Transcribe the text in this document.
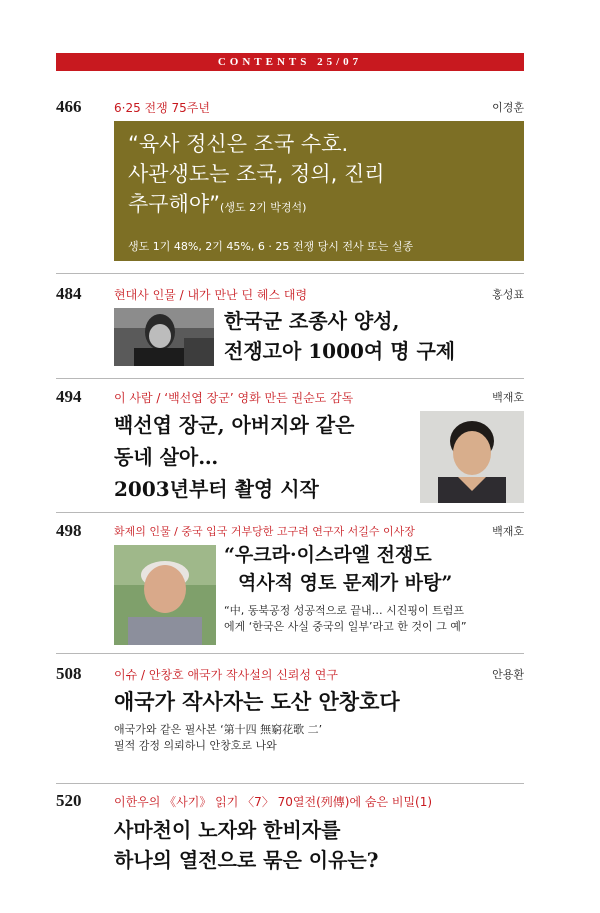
CONTENTS 25/07
466	6·25 전쟁 75주년	이경훈
“육사 정신은 조국 수호.
사관생도는 조국, 정의, 진리
추구해야”(생도 2기 박경석)
생도 1기 48%, 2기 45%, 6 · 25 전쟁 당시 전사 또는 실종
484	현대사 인물 / 내가 만난 딘 헤스 대령	홍성표
한국군 조종사 양성,
전쟁고아 1000여 명 구제
494	이 사람 / ‘백선엽 장군’ 영화 만든 권순도 감독	백재호
백선엽 장군, 아버지와 같은
동네 살아…
2003년부터 촬영 시작
498	화제의 인물 / 중국 입국 거부당한 고구려 연구자 서길수 이사장	백재호
“우크라·이스라엘 전쟁도
역사적 영토 문제가 바탕”
“中, 동북공정 성공적으로 끝내… 시진핑이 트럼프
에게 ‘한국은 사실 중국의 일부’라고 한 것이 그 예”
508	이슈 / 안창호 애국가 작사설의 신뢰성 연구	안용환
애국가 작사자는 도산 안창호다
애국가와 같은 필사본 ‘第十四 無窮花歌 二’
필적 감정 의뢰하니 안창호로 나와
520	이한우의 《사기》 읽기 〈7〉 70열전(列傳)에 숨은 비밀(1)
사마천이 노자와 한비자를
하나의 열전으로 묶은 이유는?
